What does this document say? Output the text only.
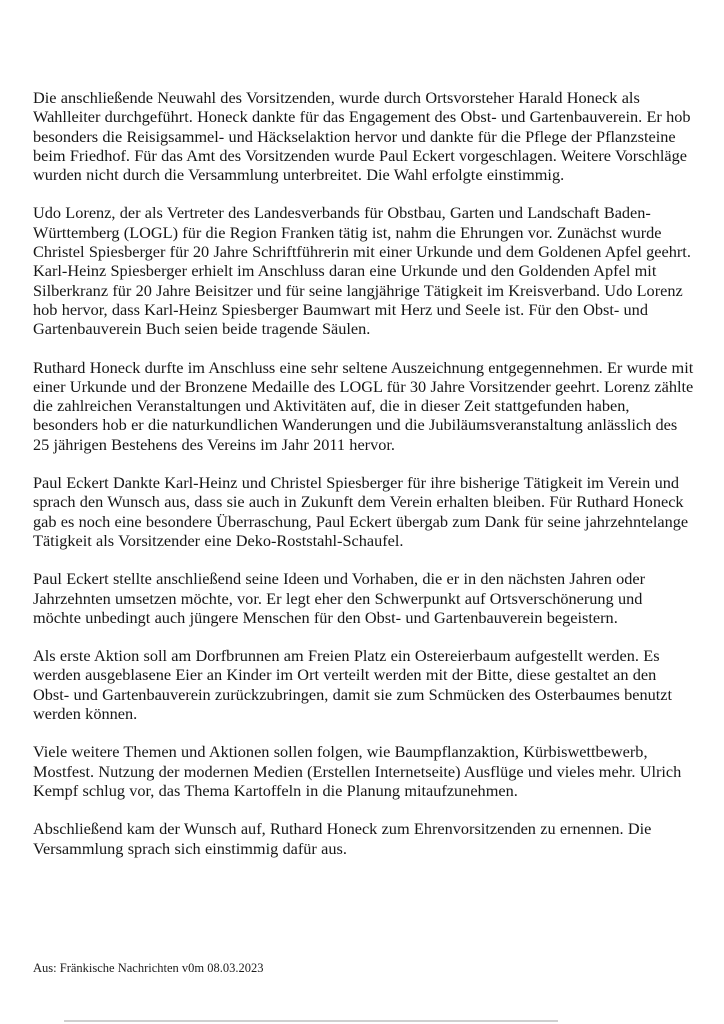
Die anschließende Neuwahl des Vorsitzenden, wurde durch Ortsvorsteher Harald Honeck als Wahlleiter durchgeführt. Honeck dankte für das Engagement des Obst- und Gartenbauverein. Er hob besonders die Reisigsammel- und Häckselaktion hervor und dankte für die Pflege der Pflanzsteine beim Friedhof. Für das Amt des Vorsitzenden wurde Paul Eckert vorgeschlagen. Weitere Vorschläge wurden nicht durch die Versammlung unterbreitet. Die Wahl erfolgte einstimmig.

Udo Lorenz, der als Vertreter des Landesverbands für Obstbau, Garten und Landschaft Baden-Württemberg (LOGL) für die Region Franken tätig ist, nahm die Ehrungen vor. Zunächst wurde Christel Spiesberger für 20 Jahre Schriftführerin mit einer Urkunde und dem Goldenen Apfel geehrt. Karl-Heinz Spiesberger erhielt im Anschluss daran eine Urkunde und den Goldenden Apfel mit Silberkranz für 20 Jahre Beisitzer und für seine langjährige Tätigkeit im Kreisverband. Udo Lorenz hob hervor, dass Karl-Heinz Spiesberger Baumwart mit Herz und Seele ist. Für den Obst- und Gartenbauverein Buch seien beide tragende Säulen.

Ruthard Honeck durfte im Anschluss eine sehr seltene Auszeichnung entgegennehmen. Er wurde mit einer Urkunde und der Bronzene Medaille des LOGL für 30 Jahre Vorsitzender geehrt. Lorenz zählte die zahlreichen Veranstaltungen und Aktivitäten auf, die in dieser Zeit stattgefunden haben, besonders hob er die naturkundlichen Wanderungen und die Jubiläumsveranstaltung anlässlich des 25 jährigen Bestehens des Vereins im Jahr 2011 hervor.

Paul Eckert Dankte Karl-Heinz und Christel Spiesberger für ihre bisherige Tätigkeit im Verein und sprach den Wunsch aus, dass sie auch in Zukunft dem Verein erhalten bleiben. Für Ruthard Honeck gab es noch eine besondere Überraschung, Paul Eckert übergab zum Dank für seine jahrzehntelange Tätigkeit als Vorsitzender eine Deko-Roststahl-Schaufel.

Paul Eckert stellte anschließend seine Ideen und Vorhaben, die er in den nächsten Jahren oder Jahrzehnten umsetzen möchte, vor. Er legt eher den Schwerpunkt auf Ortsverschönerung und möchte unbedingt auch jüngere Menschen für den Obst- und Gartenbauverein begeistern.

Als erste Aktion soll am Dorfbrunnen am Freien Platz ein Ostereierbaum aufgestellt werden. Es werden ausgeblasene Eier an Kinder im Ort verteilt werden mit der Bitte, diese gestaltet an den Obst- und Gartenbauverein zurückzubringen, damit sie zum Schmücken des Osterbaumes benutzt werden können.

Viele weitere Themen und Aktionen sollen folgen, wie Baumpflanzaktion, Kürbiswettbewerb, Mostfest. Nutzung der modernen Medien (Erstellen Internetseite) Ausflüge und vieles mehr. Ulrich Kempf schlug vor, das Thema Kartoffeln in die Planung mitaufzunehmen.

Abschließend kam der Wunsch auf, Ruthard Honeck zum Ehrenvorsitzenden zu ernennen. Die Versammlung sprach sich einstimmig dafür aus.

Aus: Fränkische Nachrichten v0m 08.03.2023
